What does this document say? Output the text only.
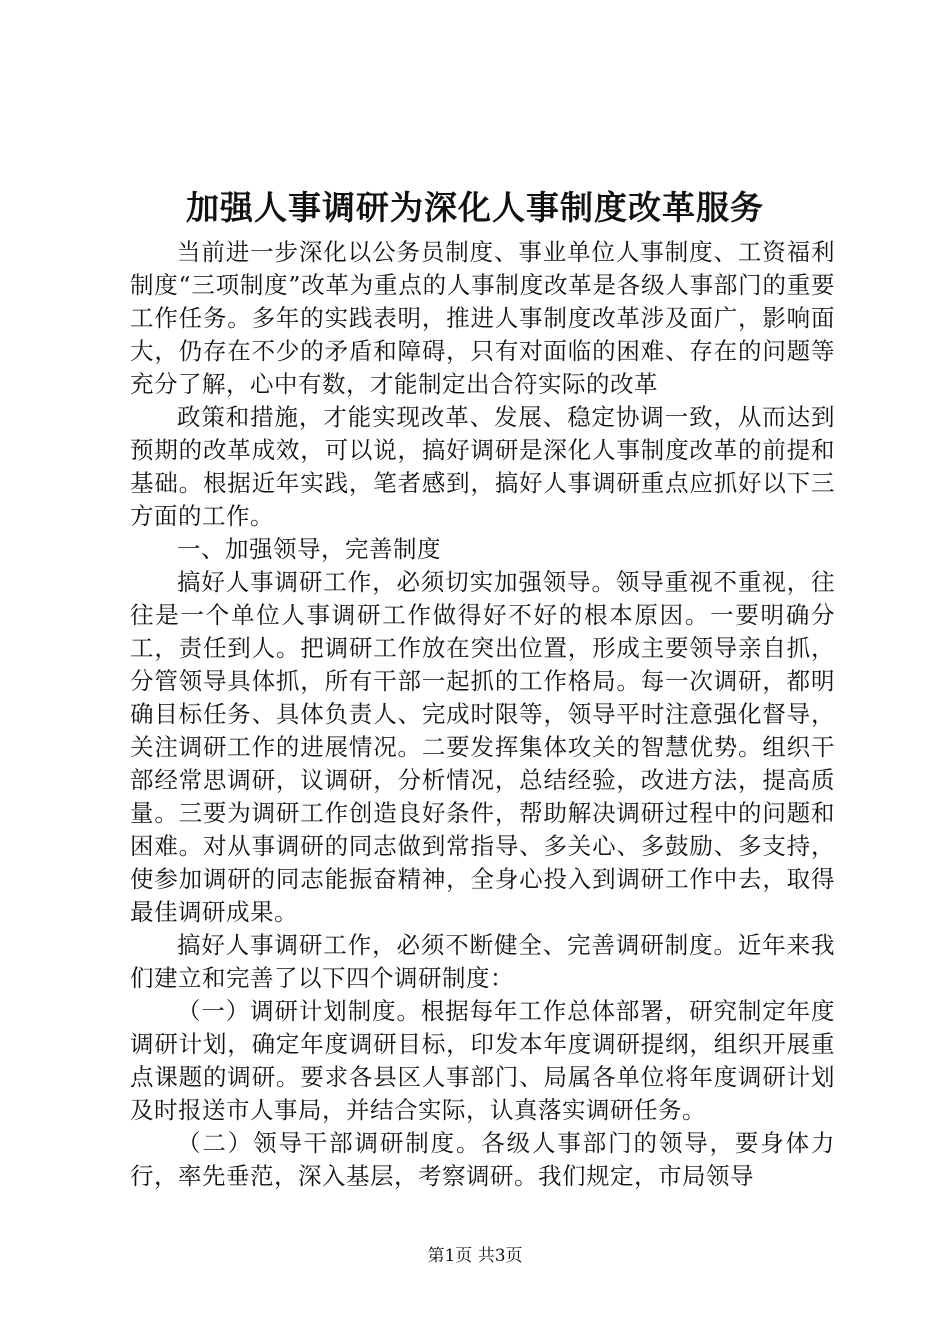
加强人事调研为深化人事制度改革服务

当前进一步深化以公务员制度、事业单位人事制度、工资福利制度“三项制度”改革为重点的人事制度改革是各级人事部门的重要工作任务。多年的实践表明，推进人事制度改革涉及面广，影响面大，仍存在不少的矛盾和障碍，只有对面临的困难、存在的问题等充分了解，心中有数，才能制定出合符实际的改革

政策和措施，才能实现改革、发展、稳定协调一致，从而达到预期的改革成效，可以说，搞好调研是深化人事制度改革的前提和基础。根据近年实践，笔者感到，搞好人事调研重点应抓好以下三方面的工作。

一、加强领导，完善制度

搞好人事调研工作，必须切实加强领导。领导重视不重视，往往是一个单位人事调研工作做得好不好的根本原因。一要明确分工，责任到人。把调研工作放在突出位置，形成主要领导亲自抓，分管领导具体抓，所有干部一起抓的工作格局。每一次调研，都明确目标任务、具体负责人、完成时限等，领导平时注意强化督导，关注调研工作的进展情况。二要发挥集体攻关的智慧优势。组织干部经常思调研，议调研，分析情况，总结经验，改进方法，提高质量。三要为调研工作创造良好条件，帮助解决调研过程中的问题和困难。对从事调研的同志做到常指导、多关心、多鼓励、多支持，使参加调研的同志能振奋精神，全身心投入到调研工作中去，取得最佳调研成果。

搞好人事调研工作，必须不断健全、完善调研制度。近年来我们建立和完善了以下四个调研制度：

（一）调研计划制度。根据每年工作总体部署，研究制定年度调研计划，确定年度调研目标，印发本年度调研提纲，组织开展重点课题的调研。要求各县区人事部门、局属各单位将年度调研计划及时报送市人事局，并结合实际，认真落实调研任务。

（二）领导干部调研制度。各级人事部门的领导，要身体力行，率先垂范，深入基层，考察调研。我们规定，市局领导

第1页 共3页
